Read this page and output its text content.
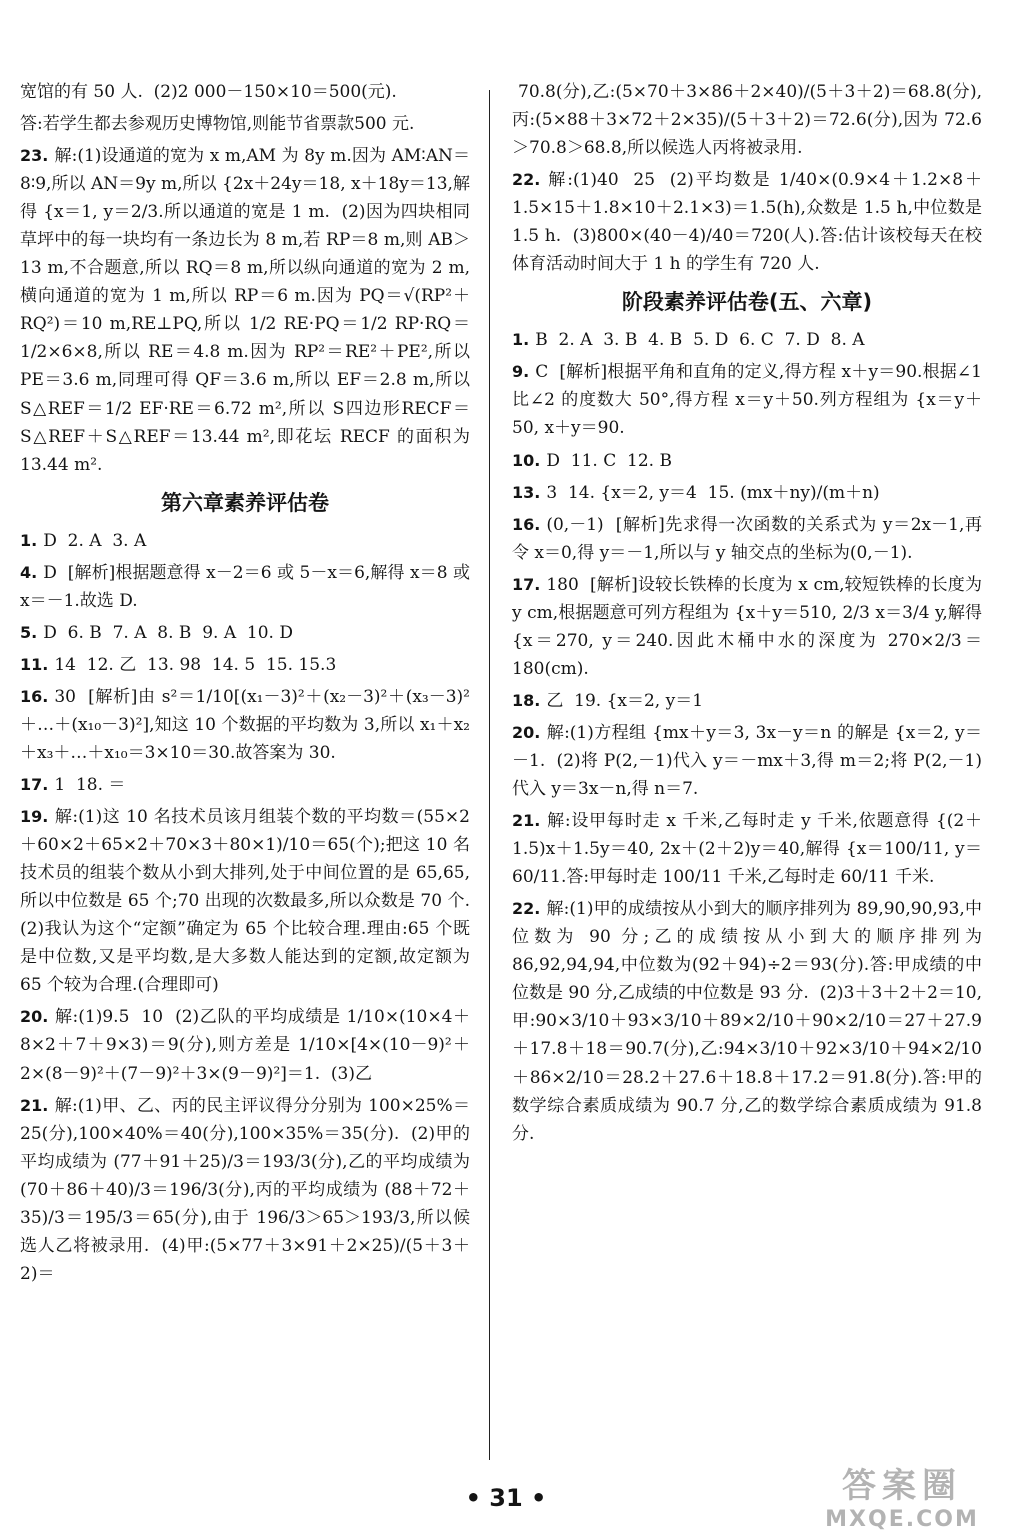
宽馆的有 50 人.  (2)2 000－150×10＝500(元).
答:若学生都去参观历史博物馆,则能节省票款500 元.
23. 解:(1)设通道的宽为 x m,AM 为 8y m.因为 AM∶AN＝8∶9,所以 AN＝9y m,所以 {2x＋24y＝18, x＋18y＝13,解得 {x＝1, y＝2/3.所以通道的宽是 1 m.  (2)因为四块相同草坪中的每一块均有一条边长为 8 m,若 RP＝8 m,则 AB＞13 m,不合题意,所以 RQ＝8 m,所以纵向通道的宽为 2 m,横向通道的宽为 1 m,所以 RP＝6 m.因为 PQ＝√(RP²＋RQ²)＝10 m,RE⊥PQ,所以 1/2 RE·PQ＝1/2 RP·RQ＝1/2×6×8,所以 RE＝4.8 m.因为 RP²＝RE²＋PE²,所以 PE＝3.6 m,同理可得 QF＝3.6 m,所以 EF＝2.8 m,所以 S△REF＝1/2 EF·RE＝6.72 m²,所以 S四边形RECF＝S△REF＋S△REF＝13.44 m²,即花坛 RECF 的面积为 13.44 m².
第六章素养评估卷
1. D  2. A  3. A
4. D  [解析]根据题意得 x－2＝6 或 5－x＝6,解得 x＝8 或 x＝－1.故选 D.
5. D  6. B  7. A  8. B  9. A  10. D
11. 14  12. 乙  13. 98  14. 5  15. 15.3
16. 30  [解析]由 s²＝1/10[(x₁－3)²＋(x₂－3)²＋(x₃－3)²＋…＋(x₁₀－3)²],知这 10 个数据的平均数为 3,所以 x₁＋x₂＋x₃＋…＋x₁₀＝3×10＝30.故答案为 30.
17. 1  18. ＝
19. 解:(1)这 10 名技术员该月组装个数的平均数＝(55×2＋60×2＋65×2＋70×3＋80×1)/10＝65(个);把这 10 名技术员的组装个数从小到大排列,处于中间位置的是 65,65,所以中位数是 65 个;70 出现的次数最多,所以众数是 70 个.  (2)我认为这个“定额”确定为 65 个比较合理.理由:65 个既是中位数,又是平均数,是大多数人能达到的定额,故定额为 65 个较为合理.(合理即可)
20. 解:(1)9.5  10  (2)乙队的平均成绩是 1/10×(10×4＋8×2＋7＋9×3)＝9(分),则方差是 1/10×[4×(10－9)²＋2×(8－9)²＋(7－9)²＋3×(9－9)²]＝1.  (3)乙
21. 解:(1)甲、乙、丙的民主评议得分分别为 100×25%＝25(分),100×40%＝40(分),100×35%＝35(分).  (2)甲的平均成绩为 (77＋91＋25)/3＝193/3(分),乙的平均成绩为 (70＋86＋40)/3＝196/3(分),丙的平均成绩为 (88＋72＋35)/3＝195/3＝65(分),由于 196/3＞65＞193/3,所以候选人乙将被录用.  (4)甲:(5×77＋3×91＋2×25)/(5＋3＋2)＝
70.8(分),乙:(5×70＋3×86＋2×40)/(5＋3＋2)＝68.8(分),丙:(5×88＋3×72＋2×35)/(5＋3＋2)＝72.6(分),因为 72.6＞70.8＞68.8,所以候选人丙将被录用.
22. 解:(1)40  25  (2)平均数是 1/40×(0.9×4＋1.2×8＋1.5×15＋1.8×10＋2.1×3)＝1.5(h),众数是 1.5 h,中位数是 1.5 h.  (3)800×(40－4)/40＝720(人).答:估计该校每天在校体育活动时间大于 1 h 的学生有 720 人.
阶段素养评估卷(五、六章)
1. B  2. A  3. B  4. B  5. D  6. C  7. D  8. A
9. C  [解析]根据平角和直角的定义,得方程 x＋y＝90.根据∠1 比∠2 的度数大 50°,得方程 x＝y＋50.列方程组为 {x＝y＋50, x＋y＝90.
10. D  11. C  12. B
13. 3  14. {x＝2, y＝4  15. (mx＋ny)/(m＋n)
16. (0,－1)  [解析]先求得一次函数的关系式为 y＝2x－1,再令 x＝0,得 y＝－1,所以与 y 轴交点的坐标为(0,－1).
17. 180  [解析]设较长铁棒的长度为 x cm,较短铁棒的长度为 y cm,根据题意可列方程组为 {x＋y＝510, 2/3 x＝3/4 y,解得 {x＝270, y＝240.因此木桶中水的深度为 270×2/3＝180(cm).
18. 乙  19. {x＝2, y＝1
20. 解:(1)方程组 {mx＋y＝3, 3x－y＝n 的解是 {x＝2, y＝－1.  (2)将 P(2,－1)代入 y＝－mx＋3,得 m＝2;将 P(2,－1)代入 y＝3x－n,得 n＝7.
21. 解:设甲每时走 x 千米,乙每时走 y 千米,依题意得 {(2＋1.5)x＋1.5y＝40, 2x＋(2＋2)y＝40,解得 {x＝100/11, y＝60/11.答:甲每时走 100/11 千米,乙每时走 60/11 千米.
22. 解:(1)甲的成绩按从小到大的顺序排列为 89,90,90,93,中位数为 90 分;乙的成绩按从小到大的顺序排列为 86,92,94,94,中位数为(92＋94)÷2＝93(分).答:甲成绩的中位数是 90 分,乙成绩的中位数是 93 分.  (2)3＋3＋2＋2＝10,甲:90×3/10＋93×3/10＋89×2/10＋90×2/10＝27＋27.9＋17.8＋18＝90.7(分),乙:94×3/10＋92×3/10＋94×2/10＋86×2/10＝28.2＋27.6＋18.8＋17.2＝91.8(分).答:甲的数学综合素质成绩为 90.7 分,乙的数学综合素质成绩为 91.8 分.
• 31 •	答案圈
MXQE.COM
